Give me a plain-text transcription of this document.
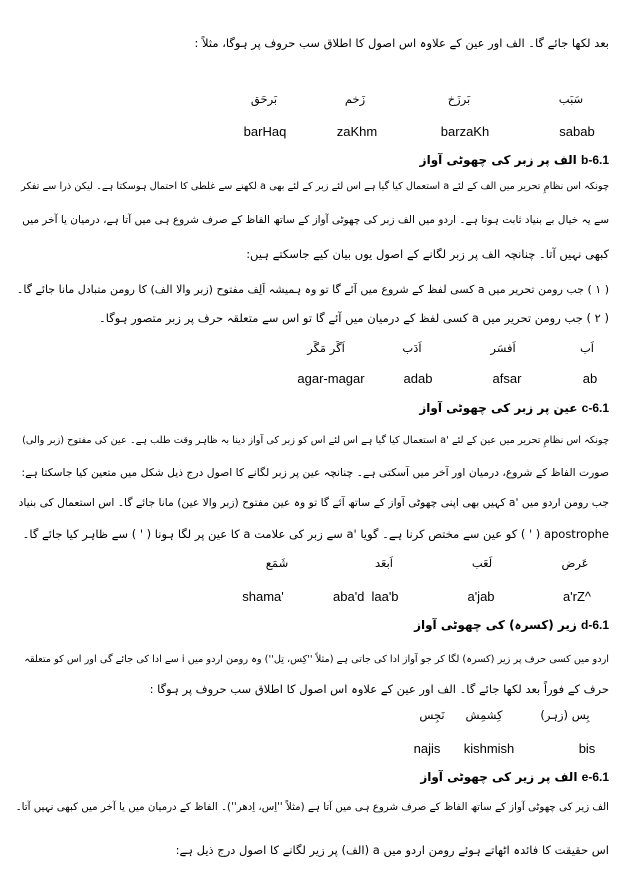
بعد لکھا جائے گا۔ الف اور عین کے علاوہ اس اصول کا اطلاق سب حروف پر ہوگا، مثلاً :
سَبَب
بَرزَخ
زَخم
بَرحَق
sabab
barzaKh
zaKhm
barHaq
6.1-b الف پر زبر کی چھوٹی آواز
چونکہ اس نظامِ تحریر میں الف کے لئے a استعمال کیا گیا ہے اس لئے زبر کے لئے بھی a لکھنے سے غلطی کا احتمال ہوسکتا ہے۔ لیکن ذرا سے تفکر
سے یہ خیال بے بنیاد ثابت ہوتا ہے۔ اردو میں الف زبر کی چھوٹی آواز کے ساتھ الفاظ کے صرف شروع ہی میں آتا ہے، درمیان یا آخر میں
کبھی نہیں آتا۔ چنانچہ الف پر زبر لگانے کے اصول یوں بیان کیے جاسکتے ہیں:
( ۱ ) جب رومن تحریر میں a کسی لفظ کے شروع میں آئے گا تو وہ ہمیشہ اَلِف مفتوح (زبر والا الف) کا رومن متبادل مانا جائے گا۔
( ۲ ) جب رومن تحریر میں a کسی لفظ کے درمیان میں آئے گا تو اس سے متعلقہ حرف پر زبر متصور ہوگا۔
اَب
اَفسَر
اَدَب
اَگَر مَگَر
ab
afsar
adab
agar-magar
6.1-c عین پر زبر کی چھوٹی آواز
چونکہ اس نظامِ تحریر میں عین کے لئے 'a استعمال کیا گیا ہے اس لئے اس کو زبر کی آواز دینا بہ ظاہر وقت طلب ہے۔ عین کی مفتوح (زبر والی)
صورت الفاظ کے شروع، درمیان اور آخر میں آسکتی ہے۔ چنانچہ عین پر زبر لگانے کا اصول درج ذیل شکل میں متعین کیا جاسکتا ہے:
جب رومن اردو میں 'a کہیں بھی اپنی چھوٹی آواز کے ساتھ آئے گا تو وہ عین مفتوح (زبر والا عین) مانا جائے گا۔ اس استعمال کی بنیاد
apostrophe ( ' ) کو عین سے مختص کرنا ہے۔ گویا 'a سے زبر کی علامت a کا عین پر لگا ہونا ( ' ) سے ظاہر کیا جائے گا۔
عَرض
لَعَب
اَبعَد
شَمَع
a'rZ^
a'jab
laa'b
aba'd
shama'
6.1-d زیر (کسرہ) کی چھوٹی آواز
اردو میں کسی حرف پر زیر (کسرہ) لگا کر جو آواز ادا کی جاتی ہے (مثلاً ''کِس، تِل'') وہ رومن اردو میں i سے ادا کی جائے گی اور اس کو متعلقہ
حرف کے فوراً بعد لکھا جائے گا۔ الف اور عین کے علاوہ اس اصول کا اطلاق سب حروف پر ہوگا :
بِس (زہر)
کِشمِش
نَجِس
bis
kishmish
najis
6.1-e الف پر زیر کی چھوٹی آواز
الف زیر کی چھوٹی آواز کے ساتھ الفاظ کے صرف شروع ہی میں آتا ہے (مثلاً ''اِس، اِدھر'')۔ الفاظ کے درمیان میں یا آخر میں کبھی نہیں آتا۔
اس حقیقت کا فائدہ اٹھاتے ہوئے رومن اردو میں a (الف) پر زیر لگانے کا اصول درج ذیل ہے:
